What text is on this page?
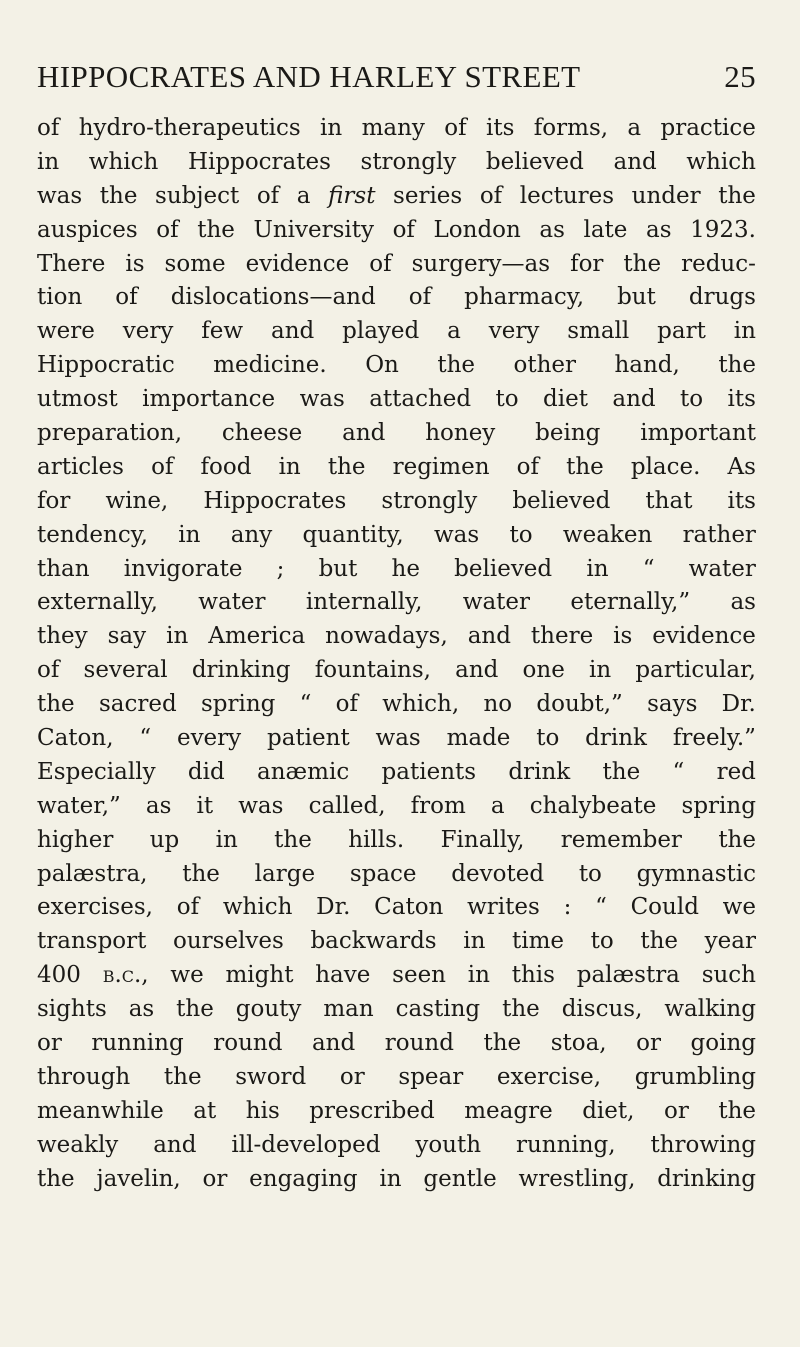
HIPPOCRATES AND HARLEY STREET	25
of hydro-therapeutics in many of its forms, a practice
in which Hippocrates strongly believed and which
was the subject of a first series of lectures under the
auspices of the University of London as late as 1923.
There is some evidence of surgery—as for the reduc-
tion of dislocations—and of pharmacy, but drugs
were very few and played a very small part in
Hippocratic medicine. On the other hand, the
utmost importance was attached to diet and to its
preparation, cheese and honey being important
articles of food in the regimen of the place. As
for wine, Hippocrates strongly believed that its
tendency, in any quantity, was to weaken rather
than invigorate ; but he believed in “ water
externally, water internally, water eternally,” as
they say in America nowadays, and there is evidence
of several drinking fountains, and one in particular,
the sacred spring “ of which, no doubt,” says Dr.
Caton, “ every patient was made to drink freely.”
Especially did anæmic patients drink the “ red
water,” as it was called, from a chalybeate spring
higher up in the hills. Finally, remember the
palæstra, the large space devoted to gymnastic
exercises, of which Dr. Caton writes : “ Could we
transport ourselves backwards in time to the year
400 b.c., we might have seen in this palæstra such
sights as the gouty man casting the discus, walking
or running round and round the stoa, or going
through the sword or spear exercise, grumbling
meanwhile at his prescribed meagre diet, or the
weakly and ill-developed youth running, throwing
the javelin, or engaging in gentle wrestling, drinking
